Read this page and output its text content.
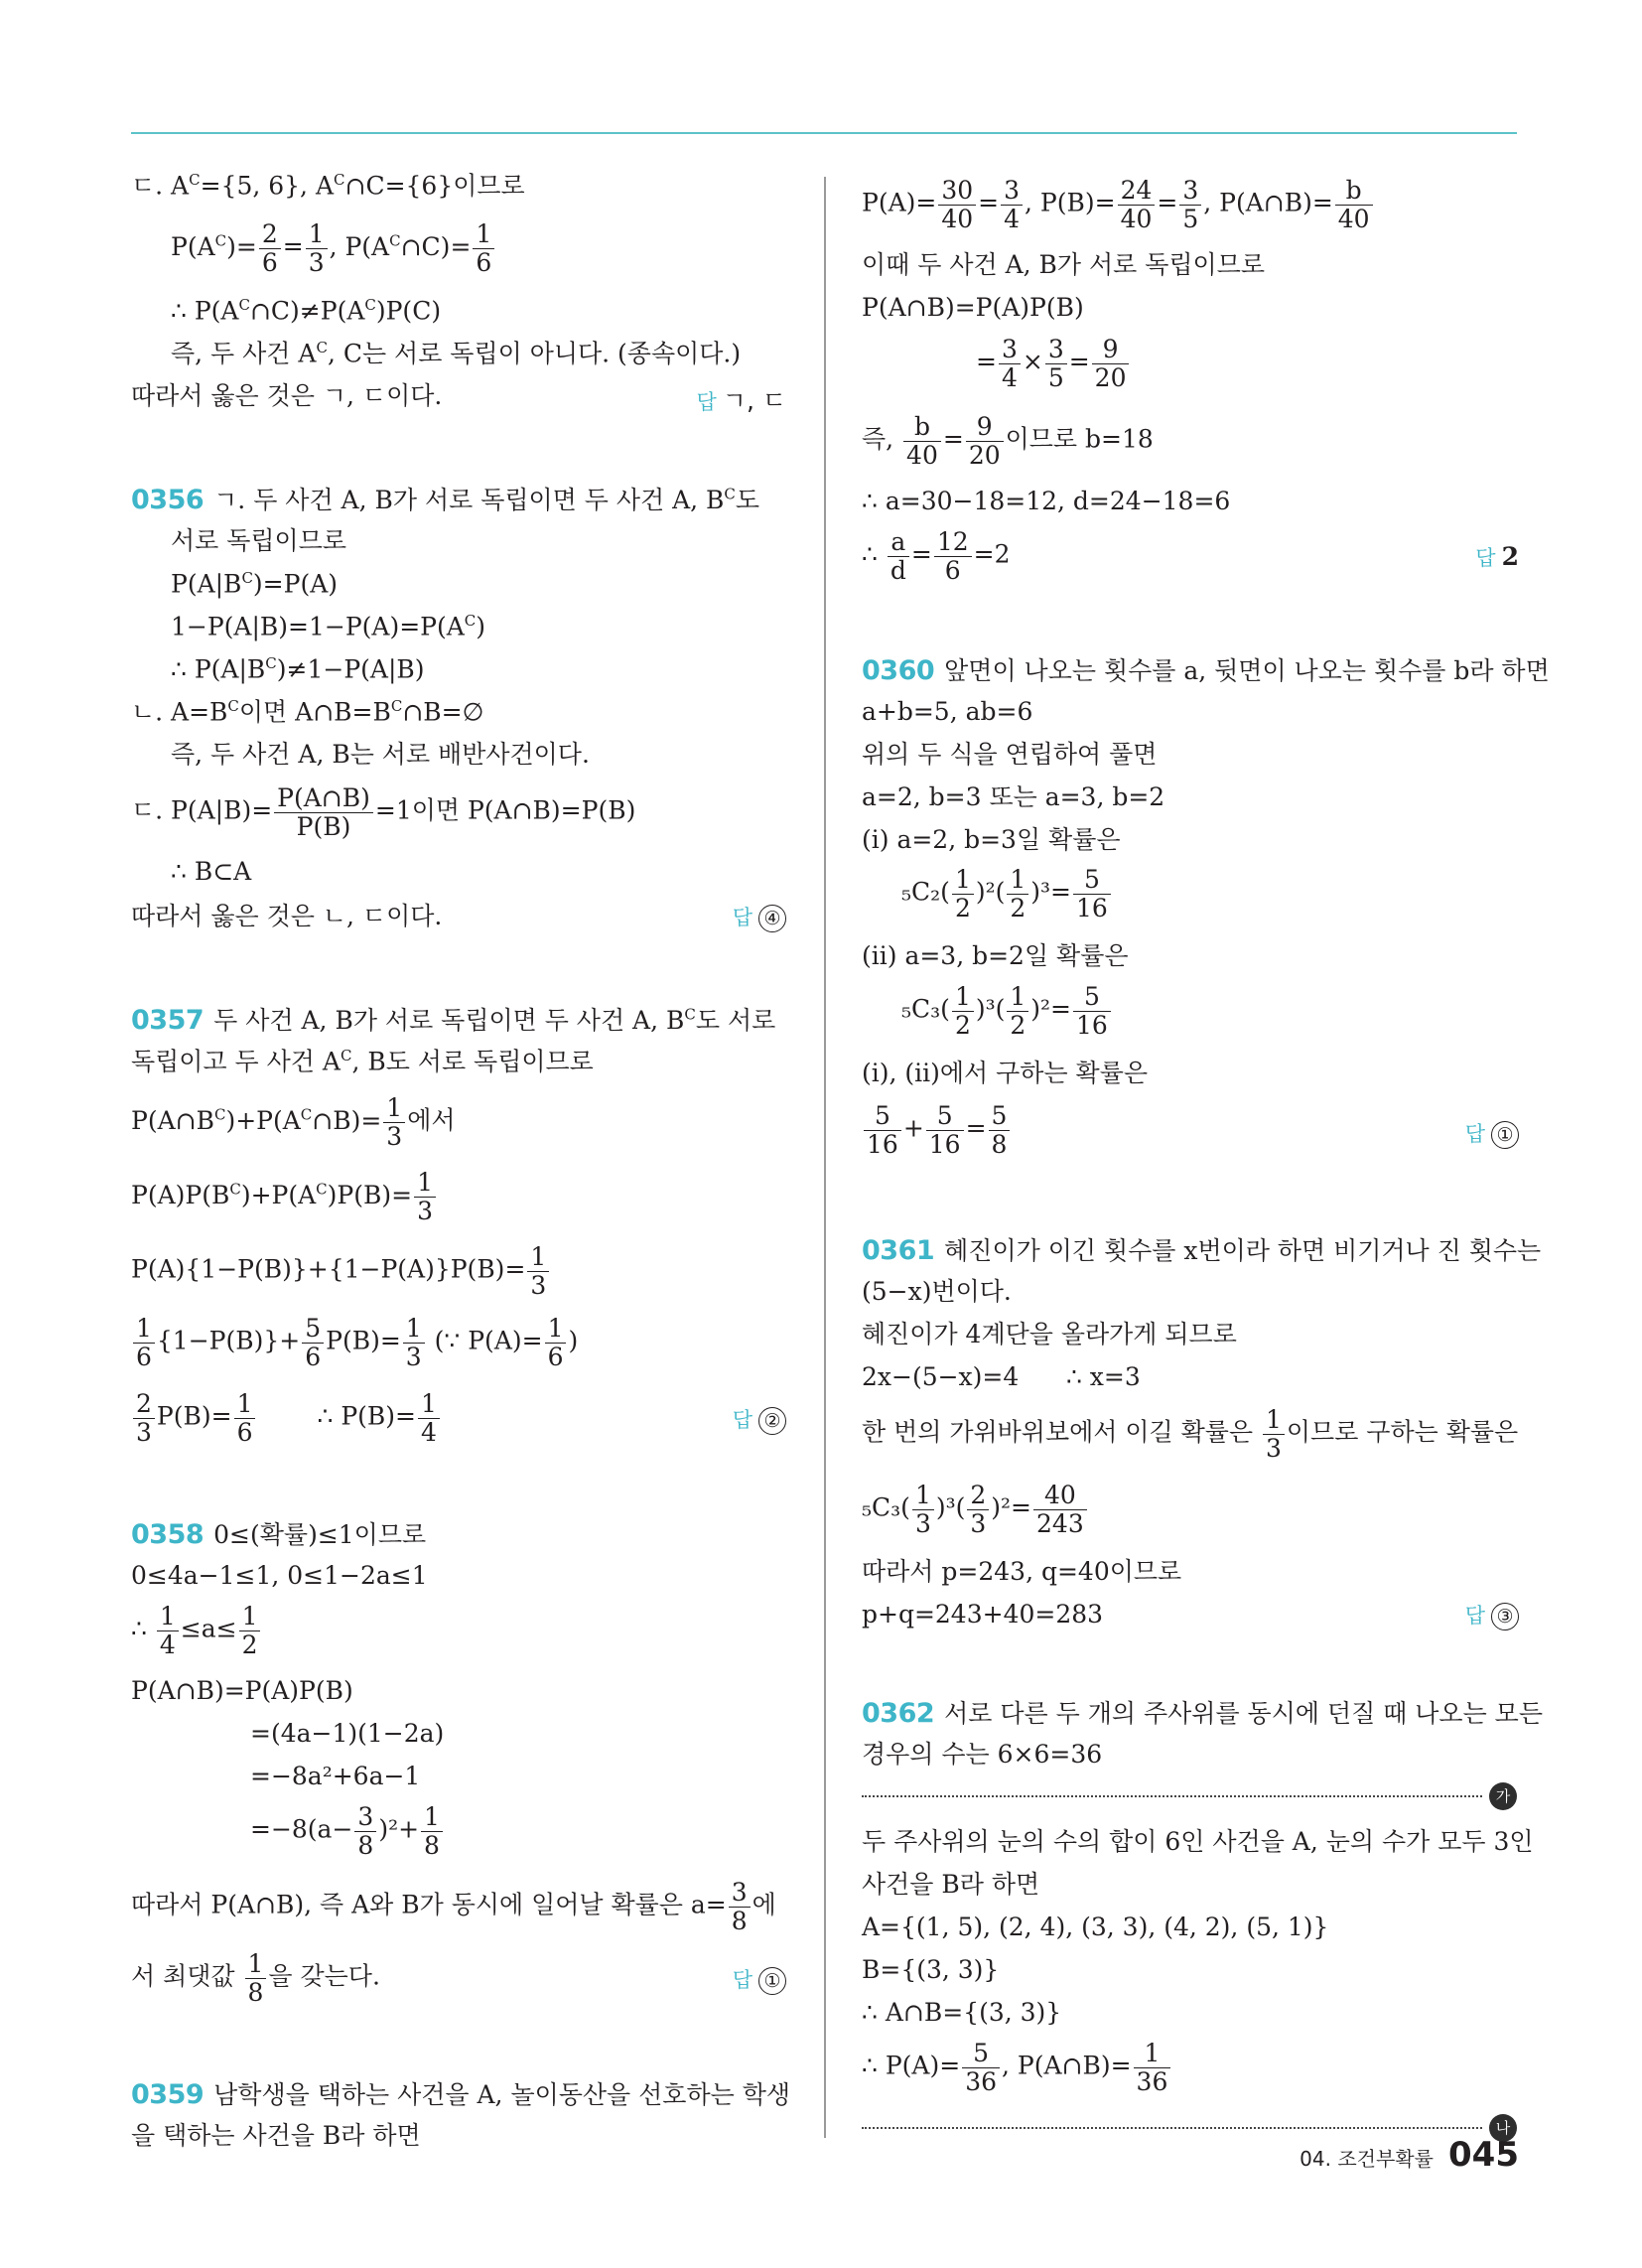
ㄷ. $A^C=\{5$, 6}, $A^C\cap C=\{6\}$이므로
$P(A^C)= \frac{2}{6} = \frac{1}{3}$ , $P(A^C\cap C)= \frac{1}{6}$
∴ $P(A^C\cap C)\ne P(A^C)P(C)$
즉, 두 사건 $A^C$, C는 서로 독립이 아니다. (종속이다.)
따라서 옳은 것은 ㄱ, ㄷ이다.	답 ㄱ, ㄷ
0356 ㄱ. 두 사건 A, B가 서로 독립이면 두 사건 A, $B^C$도
서로 독립이므로
$P(A|B^C)=P(A)$
$1-P(A|B)=1-P(A)=P(A^C)$
∴ $P(A|B^C)\ne 1-P(A|B)$
ㄴ. $A=B^C$이면 $A\cap B=B^C\cap B=\emptyset$
즉, 두 사건 A, B는 서로 배반사건이다.
ㄷ. $P(A|B)= \frac{P(A\cap B)}{P(B)} =1$이면 P(A∩B)=P(B)
∴ B⊂A
따라서 옳은 것은 ㄴ, ㄷ이다.	답 ④
0357 두 사건 A, B가 서로 독립이면 두 사건 A, $B^C$도 서로
독립이고 두 사건 $A^C$, B도 서로 독립이므로
$P(A\cap B^C)+P(A^C\cap B)= \frac{1}{3}$ 에서
$P(A)P(B^C)+P(A^C)P(B)= \frac{1}{3}$
$P(A)\{1-P(B)\}+\{1-P(A)\}P(B)= \frac{1}{3}$
$\frac{1}{6} \{1-P(B)\}+ \frac{5}{6} P(B)= \frac{1}{3}$ (∵ $P(A)= \frac{1}{6}$ )
$\frac{2}{3} P(B)= \frac{1}{6}$ ∴ $P(B)= \frac{1}{4}$	답 ②
0358 0≤(확률)≤1이므로
0≤4a−1≤1, 0≤1−2a≤1
∴ $\frac{1}{4} \le a\le \frac{1}{2}$
P(A∩B)=P(A)P(B)
=(4a−1)(1−2a)
=−8a²+6a−1
$=-8(a- \frac{3}{8} )^2+ \frac{1}{8}$
따라서 P(A∩B), 즉 A와 B가 동시에 일어날 확률은 $a= \frac{3}{8}$ 에
서 최댓값 $\frac{1}{8}$ 을 갖는다.	답 ①
0359 남학생을 택하는 사건을 A, 놀이동산을 선호하는 학생
을 택하는 사건을 B라 하면
$P(A)= \frac{30}{40} = \frac{3}{4}$ , $P(B)= \frac{24}{40} = \frac{3}{5}$ , P(A∩B)= $\frac{b}{40}$
이때 두 사건 A, B가 서로 독립이므로
P(A∩B)=P(A)P(B)
= $\frac{3}{4} \times \frac{3}{5} = \frac{9}{20}$
즉, $\frac{b}{40} = \frac{9}{20}$ 이므로 b=18
∴ a=30−18=12, d=24−18=6
∴ $\frac{a}{d} = \frac{12}{6} =2$	답 2
0360 앞면이 나오는 횟수를 a, 뒷면이 나오는 횟수를 b라 하면
a+b=5, ab=6
위의 두 식을 연립하여 풀면
a=2, b=3 또는 a=3, b=2
(ⅰ) a=2, b=3일 확률은
$_5C_2( \frac{1}{2} )^2( \frac{1}{2} )^3= \frac{5}{16}$
(ⅱ) a=3, b=2일 확률은
$_5C_3( \frac{1}{2} )^3( \frac{1}{2} )^2= \frac{5}{16}$
(ⅰ), (ⅱ)에서 구하는 확률은
$\frac{5}{16} + \frac{5}{16} = \frac{5}{8}$	답 ①
0361 혜진이가 이긴 횟수를 x번이라 하면 비기거나 진 횟수는
(5−x)번이다.
혜진이가 4계단을 올라가게 되므로
2x−(5−x)=4      ∴ x=3
한 번의 가위바위보에서 이길 확률은 $\frac{1}{3}$ 이므로 구하는 확률은
$_5C_3( \frac{1}{3} )^3( \frac{2}{3} )^2= \frac{40}{243}$
따라서 p=243, q=40이므로
p+q=243+40=283	답 ③
0362 서로 다른 두 개의 주사위를 동시에 던질 때 나오는 모든
경우의 수는 6×6=36
가
두 주사위의 눈의 수의 합이 6인 사건을 A, 눈의 수가 모두 3인
사건을 B라 하면
A={(1, 5), (2, 4), (3, 3), (4, 2), (5, 1)}
B={(3, 3)}
∴ A∩B={(3, 3)}
∴ $P(A)= \frac{5}{36}$ , P(A∩B)= $\frac{1}{36}$
나
04. 조건부확률 045
